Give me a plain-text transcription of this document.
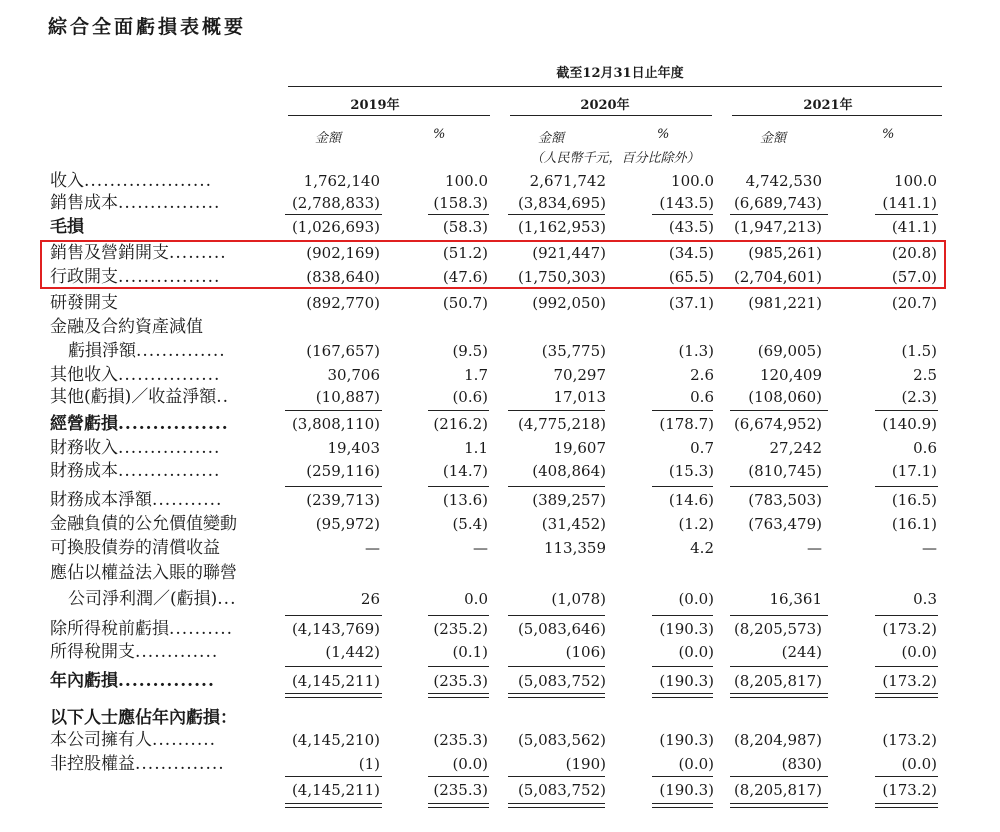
綜合全面虧損表概要
截至12月31日止年度
2019年	2020年	2021年
金額	%	金額	%	金額	%
（人民幣千元，百分比除外）
收入....................	1,762,140	100.0	2,671,742	100.0 4,742,530	100.0
銷售成本................	(2,788,833)	(158.3) (3,834,695)	(143.5) (6,689,743)	(141.1)
毛損	(1,026,693)	(58.3) (1,162,953)	(43.5) (1,947,213)	(41.1)
銷售及營銷開支.........	(902,169)	(51.2)	(921,447)	(34.5) (985,261)	(20.8)
行政開支................	(838,640)	(47.6) (1,750,303)	(65.5) (2,704,601)	(57.0)
研發開支	(892,770)	(50.7)	(992,050)	(37.1) (981,221)	(20.7)
金融及合約資產減值
虧損淨額..............	(167,657)	(9.5)	(35,775)	(1.3)	(69,005)	(1.5)
其他收入................	30,706	1.7	70,297	2.6	120,409	2.5
其他(虧損)／收益淨額..	(10,887)	(0.6)	17,013	0.6 (108,060)	(2.3)
經營虧損................	(3,808,110)	(216.2) (4,775,218)	(178.7) (6,674,952)	(140.9)
財務收入................	19,403	1.1	19,607	0.7	27,242	0.6
財務成本................	(259,116)	(14.7)	(408,864)	(15.3) (810,745)	(17.1)
財務成本淨額...........	(239,713)	(13.6)	(389,257)	(14.6) (783,503)	(16.5)
金融負債的公允價值變動	(95,972)	(5.4)	(31,452)	(1.2) (763,479)	(16.1)
可換股債券的清償收益	—	—	113,359	4.2	—	—
應佔以權益法入賬的聯營
公司淨利潤／(虧損)...	26	0.0	(1,078)	(0.0)	16,361	0.3
除所得稅前虧損..........	(4,143,769)	(235.2) (5,083,646)	(190.3) (8,205,573)	(173.2)
所得稅開支.............	(1,442)	(0.1)	(106)	(0.0)	(244)	(0.0)
年內虧損..............	(4,145,211)	(235.3) (5,083,752)	(190.3) (8,205,817)	(173.2)
以下人士應佔年內虧損：
本公司擁有人..........	(4,145,210)	(235.3) (5,083,562)	(190.3) (8,204,987)	(173.2)
非控股權益..............	(1)	(0.0)	(190)	(0.0)	(830)	(0.0)
(4,145,211)	(235.3) (5,083,752)	(190.3) (8,205,817)	(173.2)
